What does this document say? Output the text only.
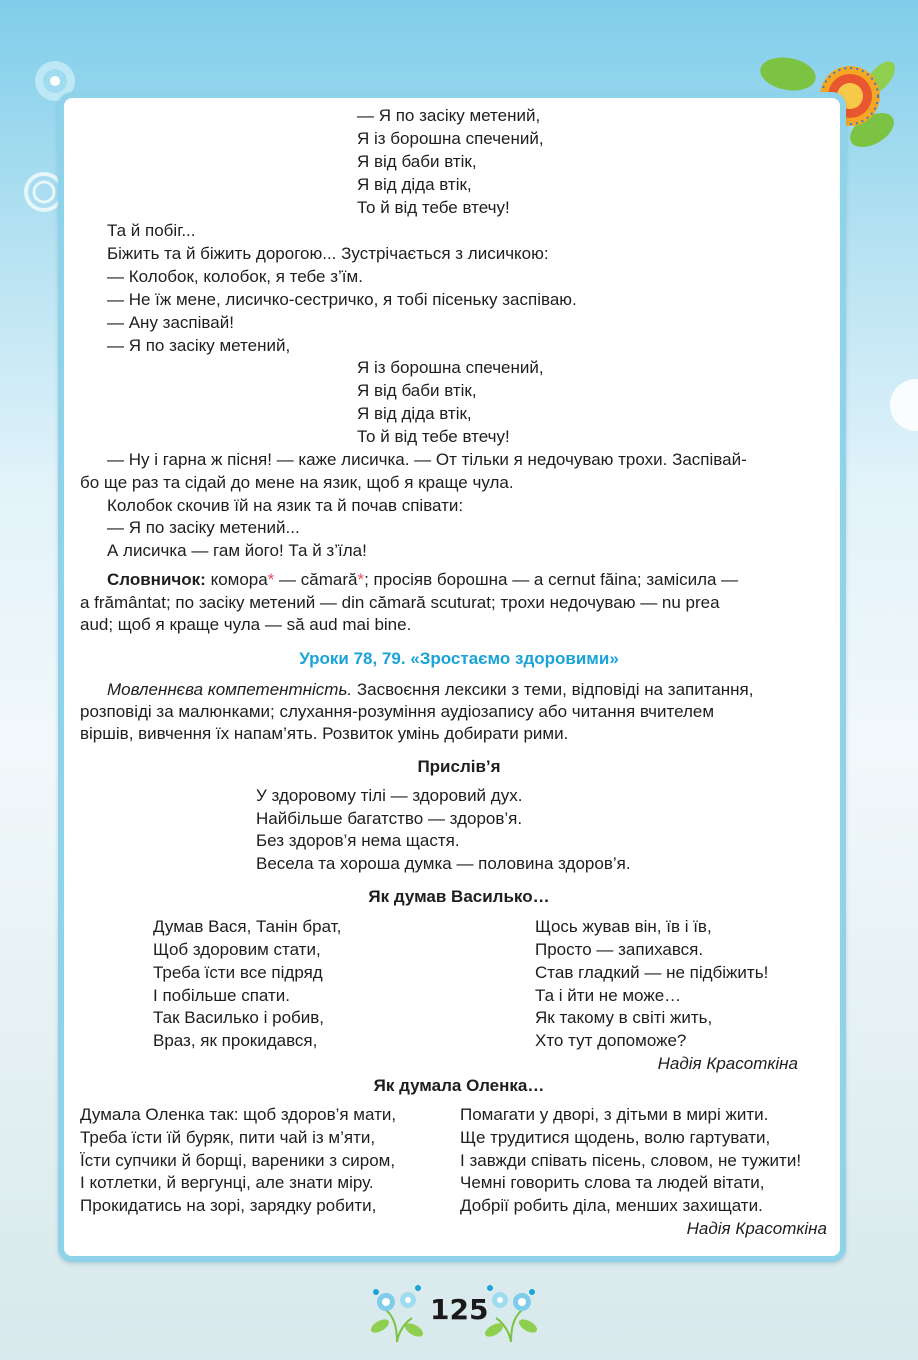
— Я по засіку метений,
Я із борошна спечений,
Я від баби втік,
Я від діда втік,
То й від тебе втечу!
Та й побіг...
Біжить та й біжить дорогою... Зустрічається з лисичкою:
— Колобок, колобок, я тебе з’їм.
— Не їж мене, лисичко-сестричко, я тобі пісеньку заспіваю.
— Ану заспівай!
— Я по засіку метений,
Я із борошна спечений,
Я від баби втік,
Я від діда втік,
То й від тебе втечу!
— Ну і гарна ж пісня! — каже лисичка. — От тільки я недочуваю трохи. Заспівай-
бо ще раз та сідай до мене на язик, щоб я краще чула.
Колобок скочив їй на язик та й почав співати:
— Я по засіку метений...
А лисичка — гам його! Та й з’їла!
Словничок: комора* — cămară*; просіяв борошна — a cernut făina; замісила —
a frământat; по засіку метений — din cămară scuturat; трохи недочуваю — nu prea
aud; щоб я краще чула — să aud mai bine.
Уроки 78, 79. «Зростаємо здоровими»
Мовленнєва компетентність. Засвоєння лексики з теми, відповіді на запитання,
розповіді за малюнками; слухання-розуміння аудіозапису або читання вчителем
віршів, вивчення їх напам’ять. Розвиток умінь добирати рими.
Прислів’я
У здоровому тілі — здоровий дух.
Найбільше багатство — здоров’я.
Без здоров’я нема щастя.
Весела та хороша думка — половина здоров’я.
Як думав Василько…
Думав Вася, Танін брат,
Щоб здоровим стати,
Треба їсти все підряд
І побільше спати.
Так Василько і робив,
Враз, як прокидався,
Щось жував він, їв і їв,
Просто — запихався.
Став гладкий — не підбіжить!
Та і йти не може…
Як такому в світі жить,
Хто тут допоможе?
Надія Красоткіна
Як думала Оленка…
Думала Оленка так: щоб здоров’я мати,
Треба їсти їй буряк, пити чай із м’яти,
Їсти супчики й борщі, вареники з сиром,
І котлетки, й вергунці, але знати міру.
Прокидатись на зорі, зарядку робити,
Помагати у дворі, з дітьми в мирі жити.
Ще трудитися щодень, волю гартувати,
І завжди співать пісень, словом, не тужити!
Чемні говорить слова та людей вітати,
Добрії робить діла, менших захищати.
Надія Красоткіна
125
